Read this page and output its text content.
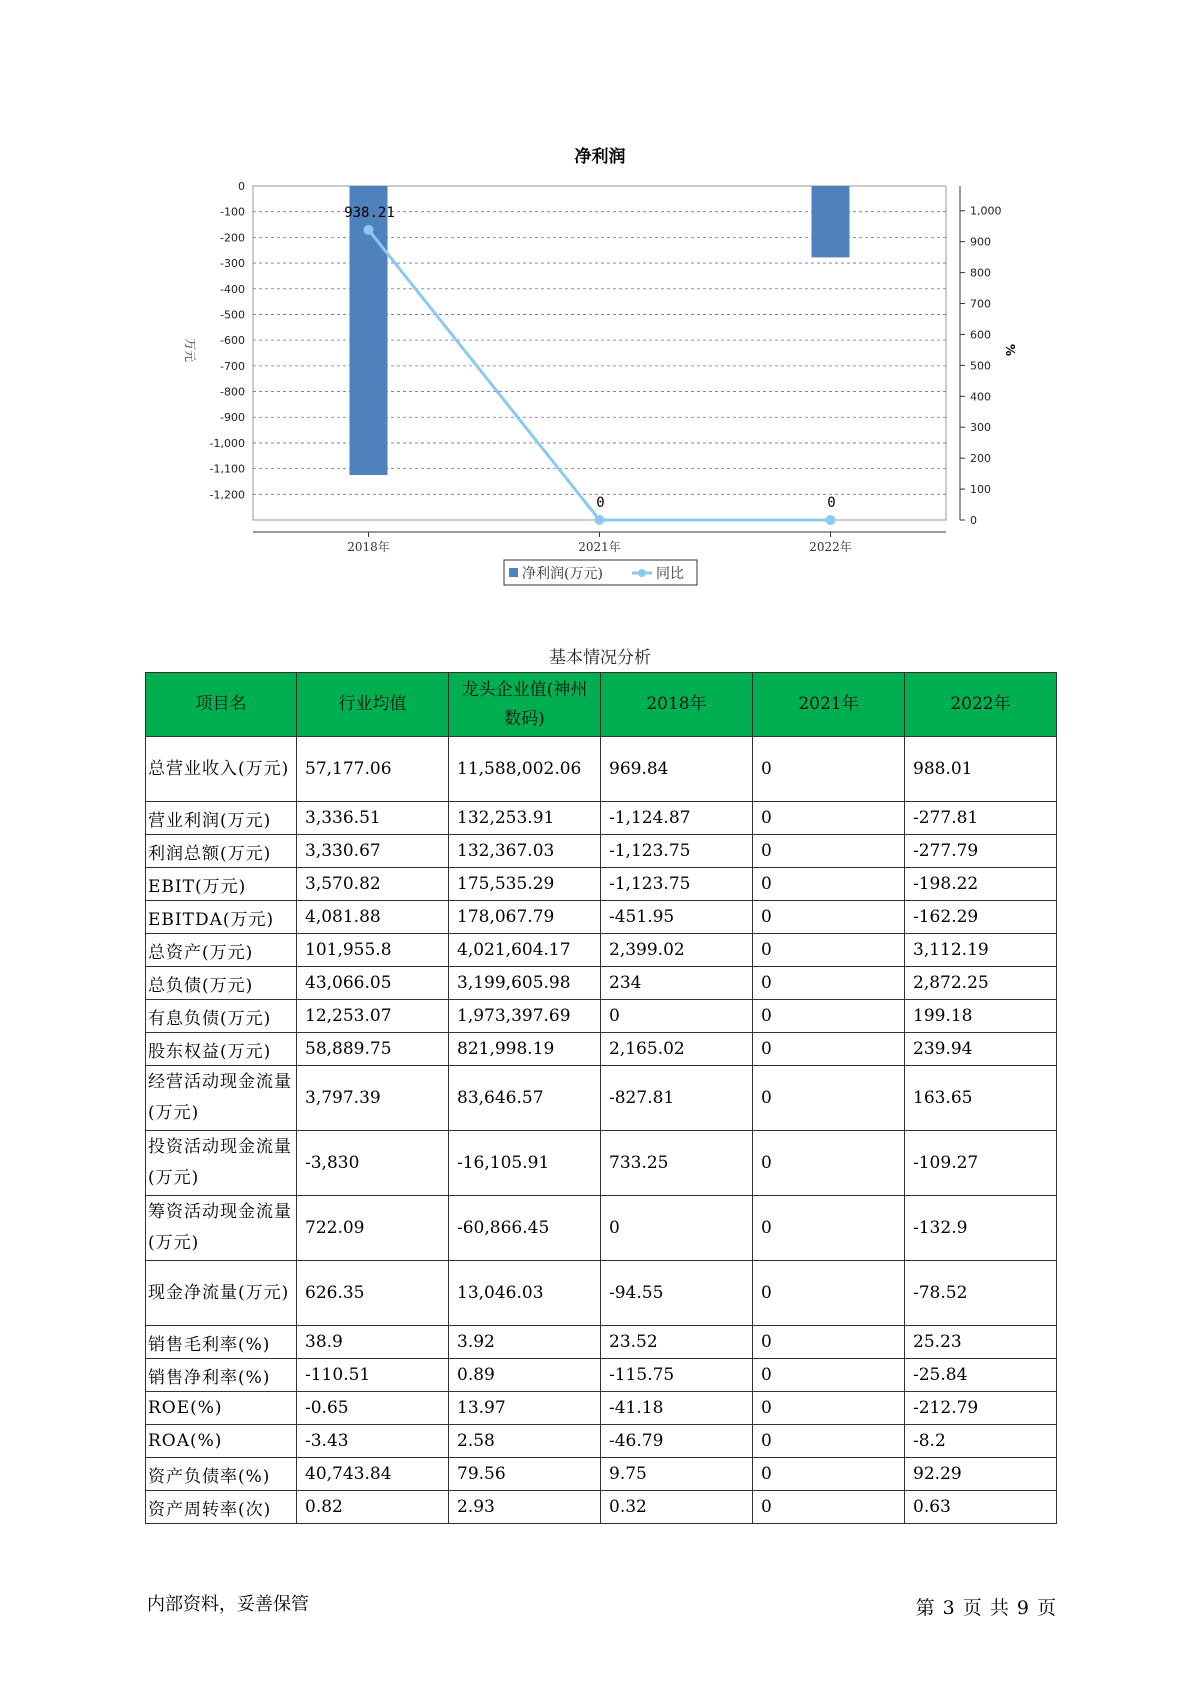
净利润
938.21
0	0
0
-100
-200
-300
-400
-500
-600
-700
-800
-900
-1,000
-1,100
-1,200
0
100
200
300
400
500
600
700
800
900
1,000
2018年	2021年	2022年
万元	%
净利润(万元)	同比
基本情况分析
项目名	行业均值	龙头企业值(神州数码)	2018年	2021年	2022年
总营业收入(万元)	57,177.06	11,588,002.06	969.84	0	988.01
营业利润(万元)	3,336.51	132,253.91	-1,124.87	0	-277.81
利润总额(万元)	3,330.67	132,367.03	-1,123.75	0	-277.79
EBIT(万元)	3,570.82	175,535.29	-1,123.75	0	-198.22
EBITDA(万元)	4,081.88	178,067.79	-451.95	0	-162.29
总资产(万元)	101,955.8	4,021,604.17	2,399.02	0	3,112.19
总负债(万元)	43,066.05	3,199,605.98	234	0	2,872.25
有息负债(万元)	12,253.07	1,973,397.69	0	0	199.18
股东权益(万元)	58,889.75	821,998.19	2,165.02	0	239.94
经营活动现金流量(万元)	3,797.39	83,646.57	-827.81	0	163.65
投资活动现金流量(万元)	-3,830	-16,105.91	733.25	0	-109.27
筹资活动现金流量(万元)	722.09	-60,866.45	0	0	-132.9
现金净流量(万元)	626.35	13,046.03	-94.55	0	-78.52
销售毛利率(%)	38.9	3.92	23.52	0	25.23
销售净利率(%)	-110.51	0.89	-115.75	0	-25.84
ROE(%)	-0.65	13.97	-41.18	0	-212.79
ROA(%)	-3.43	2.58	-46.79	0	-8.2
资产负债率(%)	40,743.84	79.56	9.75	0	92.29
资产周转率(次)	0.82	2.93	0.32	0	0.63
内部资料，妥善保管	第 3 页 共 9 页
